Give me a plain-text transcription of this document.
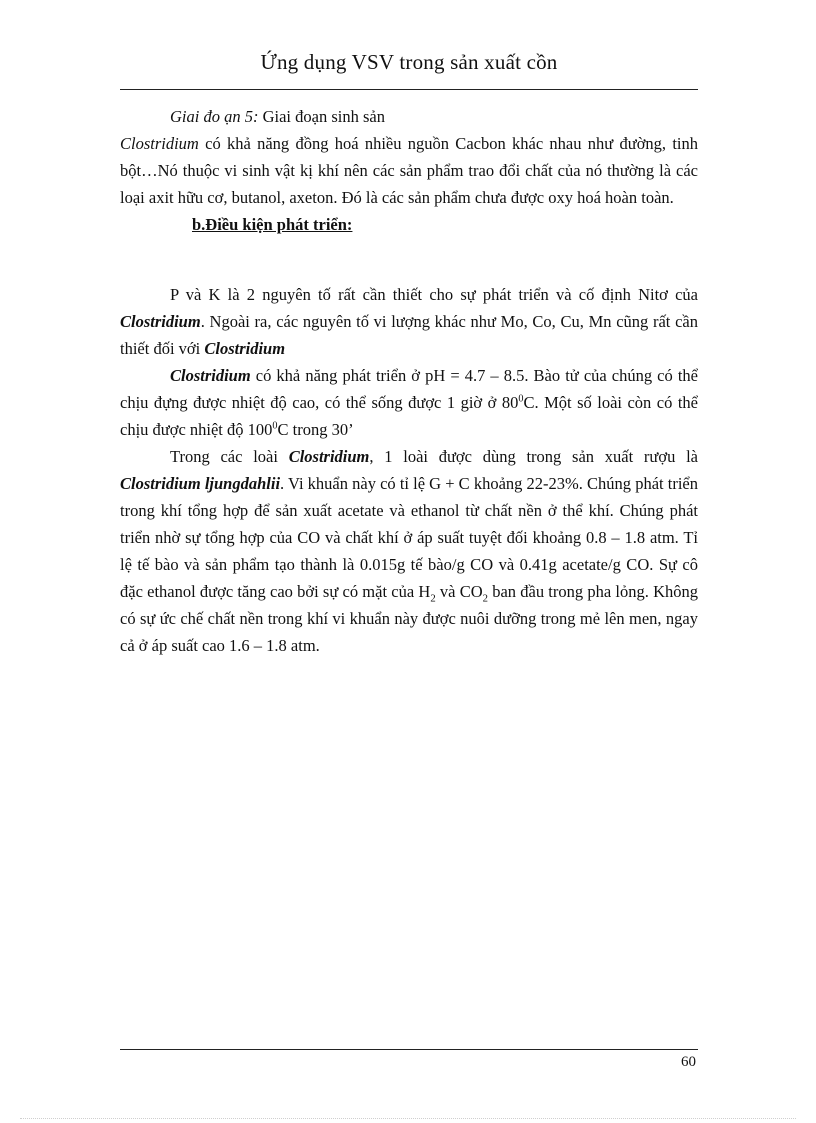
Ứng dụng VSV trong sản xuất cồn

Giai đo ạn 5: Giai đoạn sinh sản

Clostridium có khả năng đồng hoá nhiều nguồn Cacbon khác nhau như đường, tinh bột…Nó thuộc vi sinh vật kị khí nên các sản phẩm trao đổi chất của nó thường là các loại axit hữu cơ, butanol, axeton. Đó là các sản phẩm chưa được oxy hoá hoàn toàn.

b.Điều kiện phát triển:

P và K là 2 nguyên tố rất cần thiết cho sự phát triển và cố định Nitơ của Clostridium. Ngoài ra, các nguyên tố vi lượng khác như Mo, Co, Cu, Mn cũng rất cần thiết đối với Clostridium

Clostridium có khả năng phát triển ở pH = 4.7 – 8.5. Bào tử của chúng có thể chịu đựng được nhiệt độ cao, có thể sống được 1 giờ ở $80^0C$. Một số loài còn có thể chịu được nhiệt độ $100^0C$ trong 30’

Trong các loài Clostridium, 1 loài được dùng trong sản xuất rượu là Clostridium ljungdahlii. Vi khuẩn này có tỉ lệ G + C khoảng 22-23%. Chúng phát triển trong khí tổng hợp để sản xuất acetate và ethanol từ chất nền ở thể khí. Chúng phát triển nhờ sự tổng hợp của CO và chất khí ở áp suất tuyệt đối khoảng 0.8 – 1.8 atm. Tỉ lệ tế bào và sản phẩm tạo thành là 0.015g tế bào/g CO và 0.41g acetate/g CO. Sự cô đặc ethanol được tăng cao bởi sự có mặt của $H_2$ và $CO_2$ ban đầu trong pha lỏng. Không có sự ức chế chất nền trong khí vi khuẩn này được nuôi dưỡng trong mẻ lên men, ngay cả ở áp suất cao 1.6 – 1.8 atm.

60
